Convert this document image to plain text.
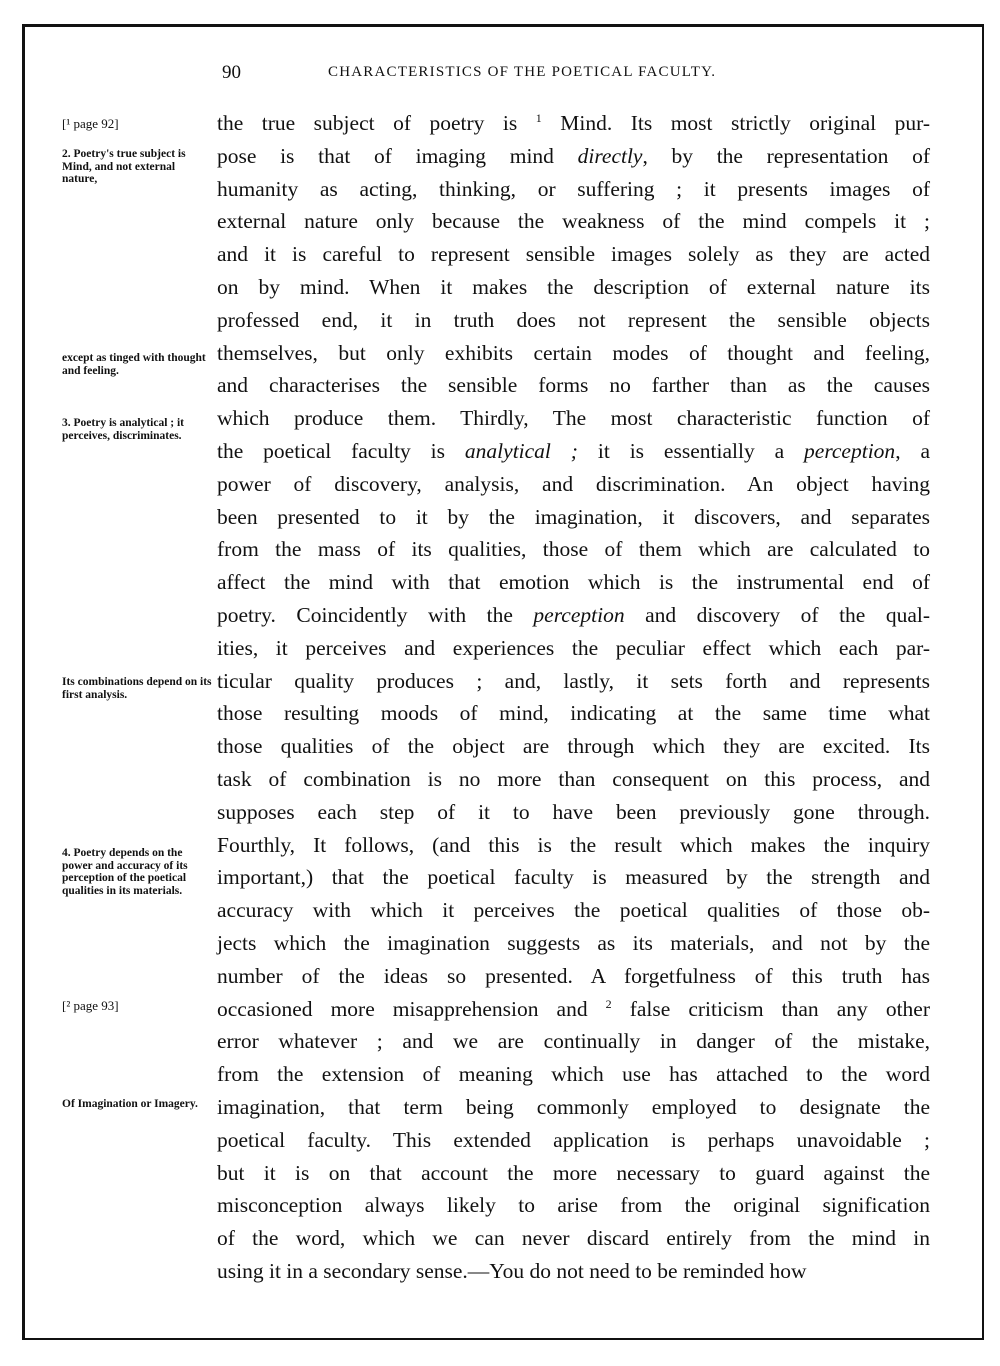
90	CHARACTERISTICS OF THE POETICAL FACULTY.
[¹ page 92]
2. Poetry's true subject is Mind, and not external nature,
except as tinged with thought and feeling.
3. Poetry is analytical ; it perceives, discriminates.
Its combinations depend on its first analysis.
4. Poetry depends on the power and accuracy of its perception of the poetical qualities in its materials.
[² page 93]
Of Imagination or Imagery.
the true subject of poetry is $^1$ Mind. Its most strictly original pur-
pose is that of imaging mind directly, by the representation of
humanity as acting, thinking, or suffering ; it presents images of
external nature only because the weakness of the mind compels it ;
and it is careful to represent sensible images solely as they are acted
on by mind. When it makes the description of external nature its
professed end, it in truth does not represent the sensible objects
themselves, but only exhibits certain modes of thought and feeling,
and characterises the sensible forms no farther than as the causes
which produce them. Thirdly, The most characteristic function of
the poetical faculty is analytical ; it is essentially a perception, a
power of discovery, analysis, and discrimination. An object having
been presented to it by the imagination, it discovers, and separates
from the mass of its qualities, those of them which are calculated to
affect the mind with that emotion which is the instrumental end of
poetry. Coincidently with the perception and discovery of the qual-
ities, it perceives and experiences the peculiar effect which each par-
ticular quality produces ; and, lastly, it sets forth and represents
those resulting moods of mind, indicating at the same time what
those qualities of the object are through which they are excited. Its
task of combination is no more than consequent on this process, and
supposes each step of it to have been previously gone through.
Fourthly, It follows, (and this is the result which makes the inquiry
important,) that the poetical faculty is measured by the strength and
accuracy with which it perceives the poetical qualities of those ob-
jects which the imagination suggests as its materials, and not by the
number of the ideas so presented. A forgetfulness of this truth has
occasioned more misapprehension and $^2$ false criticism than any other
error whatever ; and we are continually in danger of the mistake,
from the extension of meaning which use has attached to the word
imagination, that term being commonly employed to designate the
poetical faculty. This extended application is perhaps unavoidable ;
but it is on that account the more necessary to guard against the
misconception always likely to arise from the original signification
of the word, which we can never discard entirely from the mind in
using it in a secondary sense.—You do not need to be reminded how
